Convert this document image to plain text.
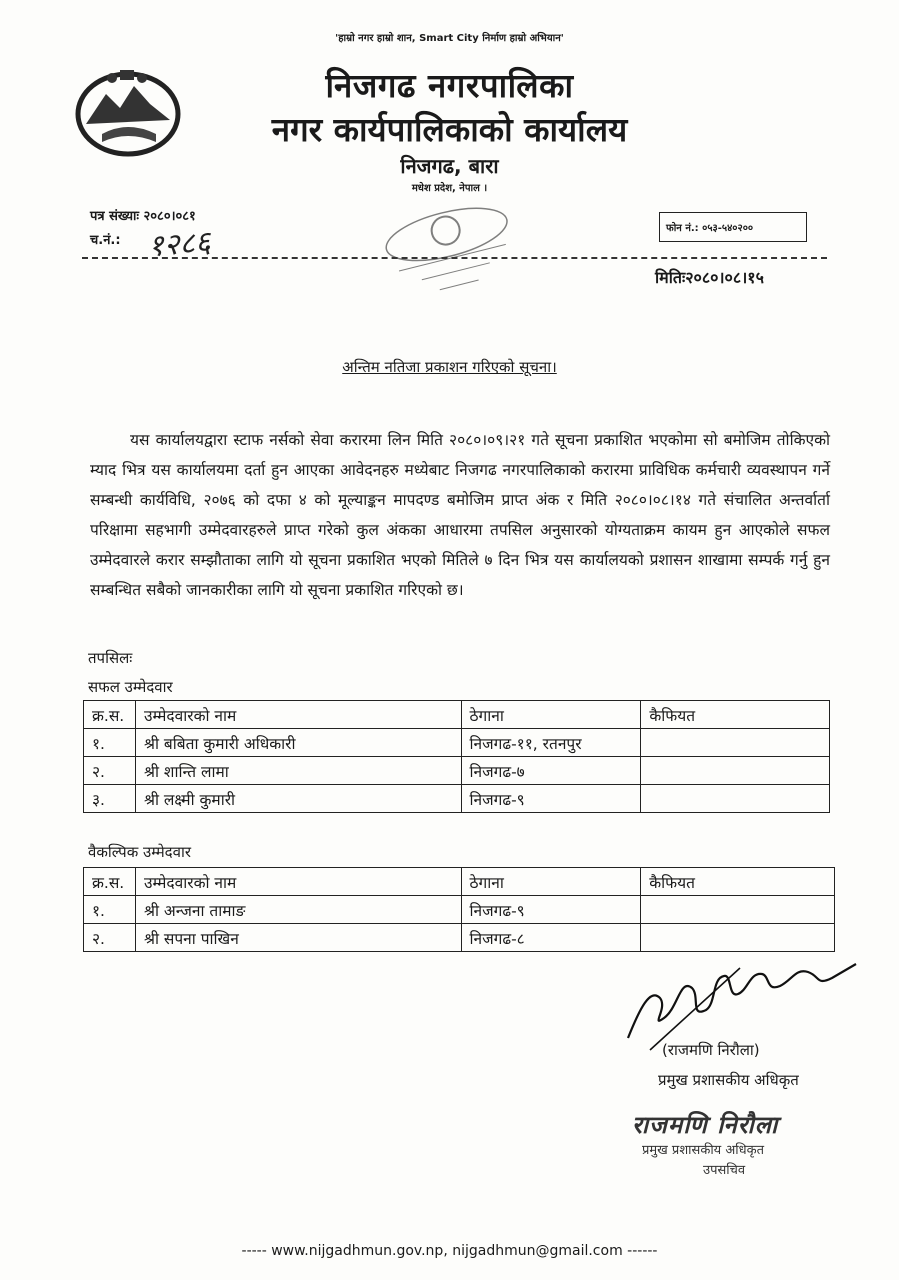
'हाम्रो नगर हाम्रो शान, Smart City निर्माण हाम्रो अभियान'
निजगढ नगरपालिका
नगर कार्यपालिकाको कार्यालय
निजगढ, बारा
मधेश प्रदेश, नेपाल ।
पत्र संख्याः २०८०।०८१
च.नं.: १२८६	फोन नं.: ०५३-५४०२००
मितिः२०८०।०८।१५
अन्तिम नतिजा प्रकाशन गरिएको सूचना।
यस कार्यालयद्वारा स्टाफ नर्सको सेवा करारमा लिन मिति २०८०।०९।२१ गते सूचना प्रकाशित भएकोमा सो बमोजिम तोकिएको म्याद भित्र यस कार्यालयमा दर्ता हुन आएका आवेदनहरु मध्येबाट निजगढ नगरपालिकाको करारमा प्राविधिक कर्मचारी व्यवस्थापन गर्ने सम्बन्धी कार्यविधि, २०७६ को दफा ४ को मूल्याङ्कन मापदण्ड बमोजिम प्राप्त अंक र मिति २०८०।०८।१४ गते संचालित अन्तर्वार्ता परिक्षामा सहभागी उम्मेदवारहरुले प्राप्त गरेको कुल अंकका आधारमा तपसिल अनुसारको योग्यताक्रम कायम हुन आएकोले सफल उम्मेदवारले करार सम्झौताका लागि यो सूचना प्रकाशित भएको मितिले ७ दिन भित्र यस कार्यालयको प्रशासन शाखामा सम्पर्क गर्नु हुन सम्बन्धित सबैको जानकारीका लागि यो सूचना प्रकाशित गरिएको छ।
तपसिलः
सफल उम्मेदवार
क्र.स.	उम्मेदवारको नाम	ठेगाना	कैफियत
१.	श्री बबिता कुमारी अधिकारी	निजगढ-११, रतनपुर	
२.	श्री शान्ति लामा	निजगढ-७	
३.	श्री लक्ष्मी कुमारी	निजगढ-९	
वैकल्पिक उम्मेदवार
क्र.स.	उम्मेदवारको नाम	ठेगाना	कैफियत
१.	श्री अन्जना तामाङ	निजगढ-९	
२.	श्री सपना पाखिन	निजगढ-८	
(राजमणि निरौला)
प्रमुख प्रशासकीय अधिकृत
राजमणि निरौला
प्रमुख प्रशासकीय अधिकृत
उपसचिव
----- www.nijgadhmun.gov.np, nijgadhmun@gmail.com ------
